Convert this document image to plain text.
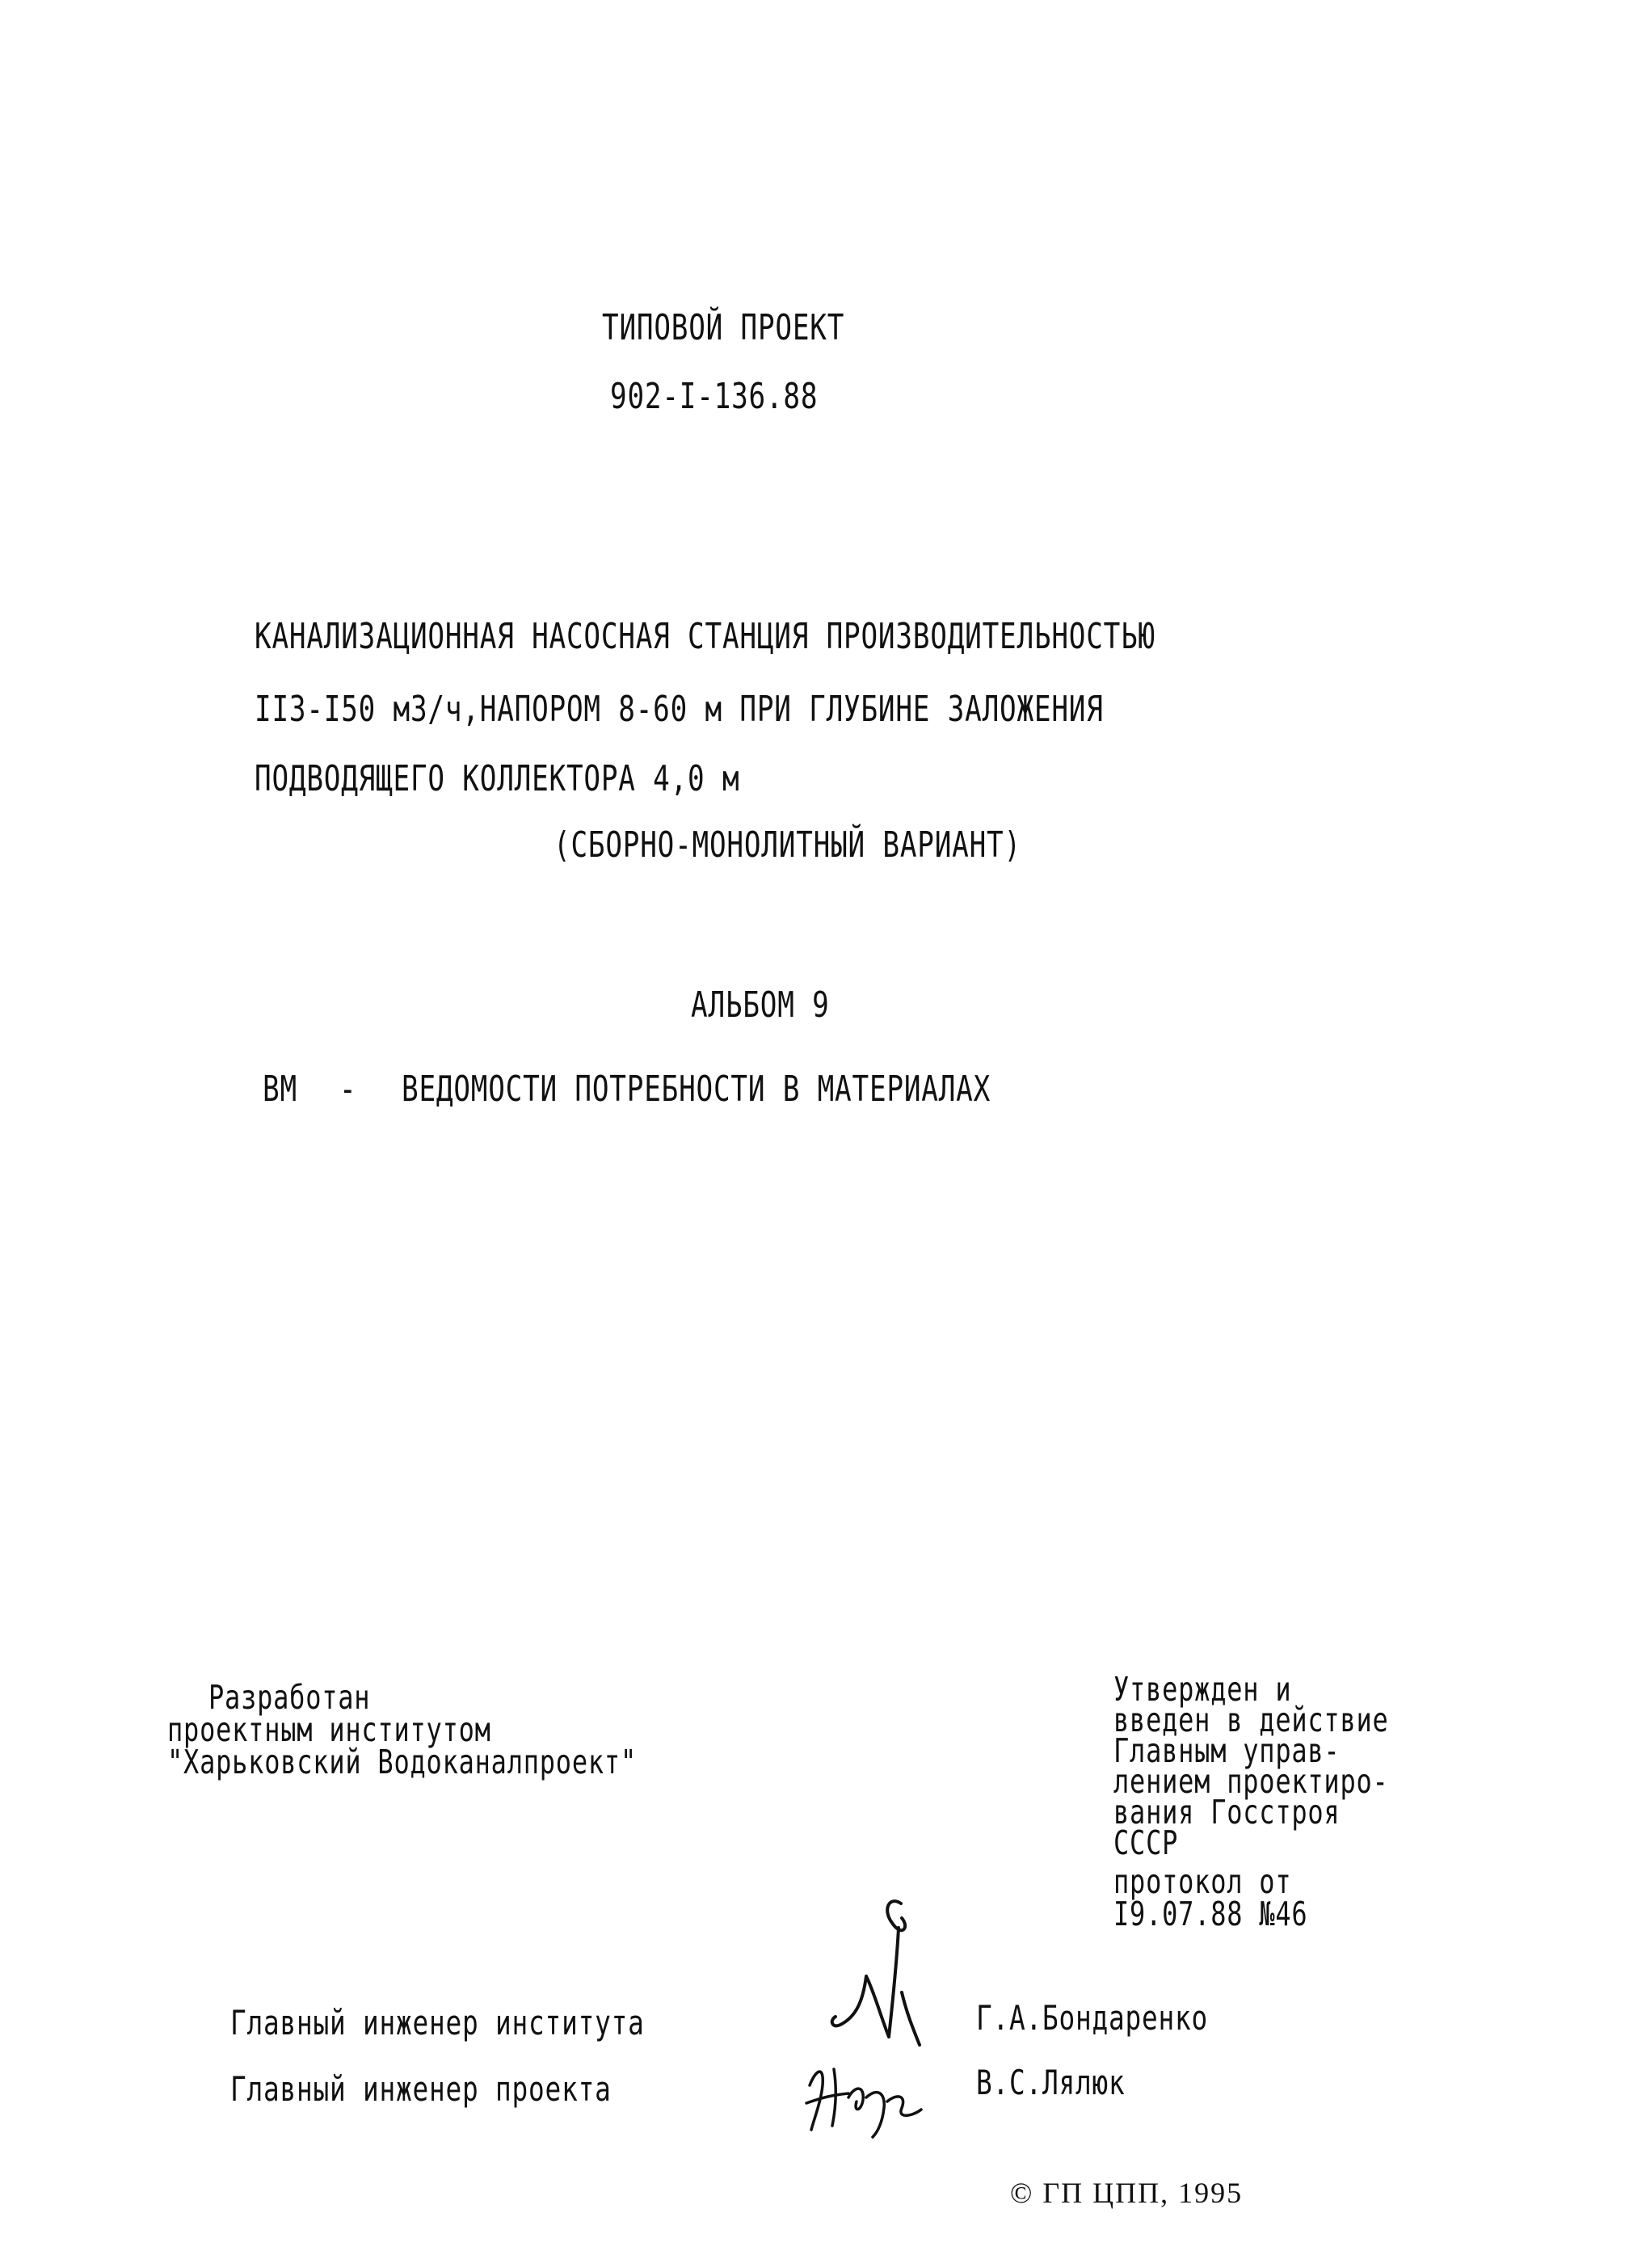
ТИПОВОЙ ПРОЕКТ
902-I-136.88
КАНАЛИЗАЦИОННАЯ НАСОСНАЯ СТАНЦИЯ ПРОИЗВОДИТЕЛЬНОСТЬЮ
II3-I50 м3/ч,НАПОРОМ 8-60 м ПРИ ГЛУБИНЕ ЗАЛОЖЕНИЯ
ПОДВОДЯЩЕГО КОЛЛЕКТОРА 4,0 м
(СБОРНО-МОНОЛИТНЫЙ ВАРИАНТ)
АЛЬБОМ 9
ВМ - ВЕДОМОСТИ ПОТРЕБНОСТИ В МАТЕРИАЛАХ
Разработан
проектным институтом
"Харьковский Водоканалпроект"
Утвержден и
введен в действие
Главным управ-
лением проектиро-
вания Госстроя
СССР
протокол от
I9.07.88 №46
Главный инженер института	Г.А.Бондаренко
Главный инженер проекта	В.С.Лялюк
© ГП ЦПП, 1995
